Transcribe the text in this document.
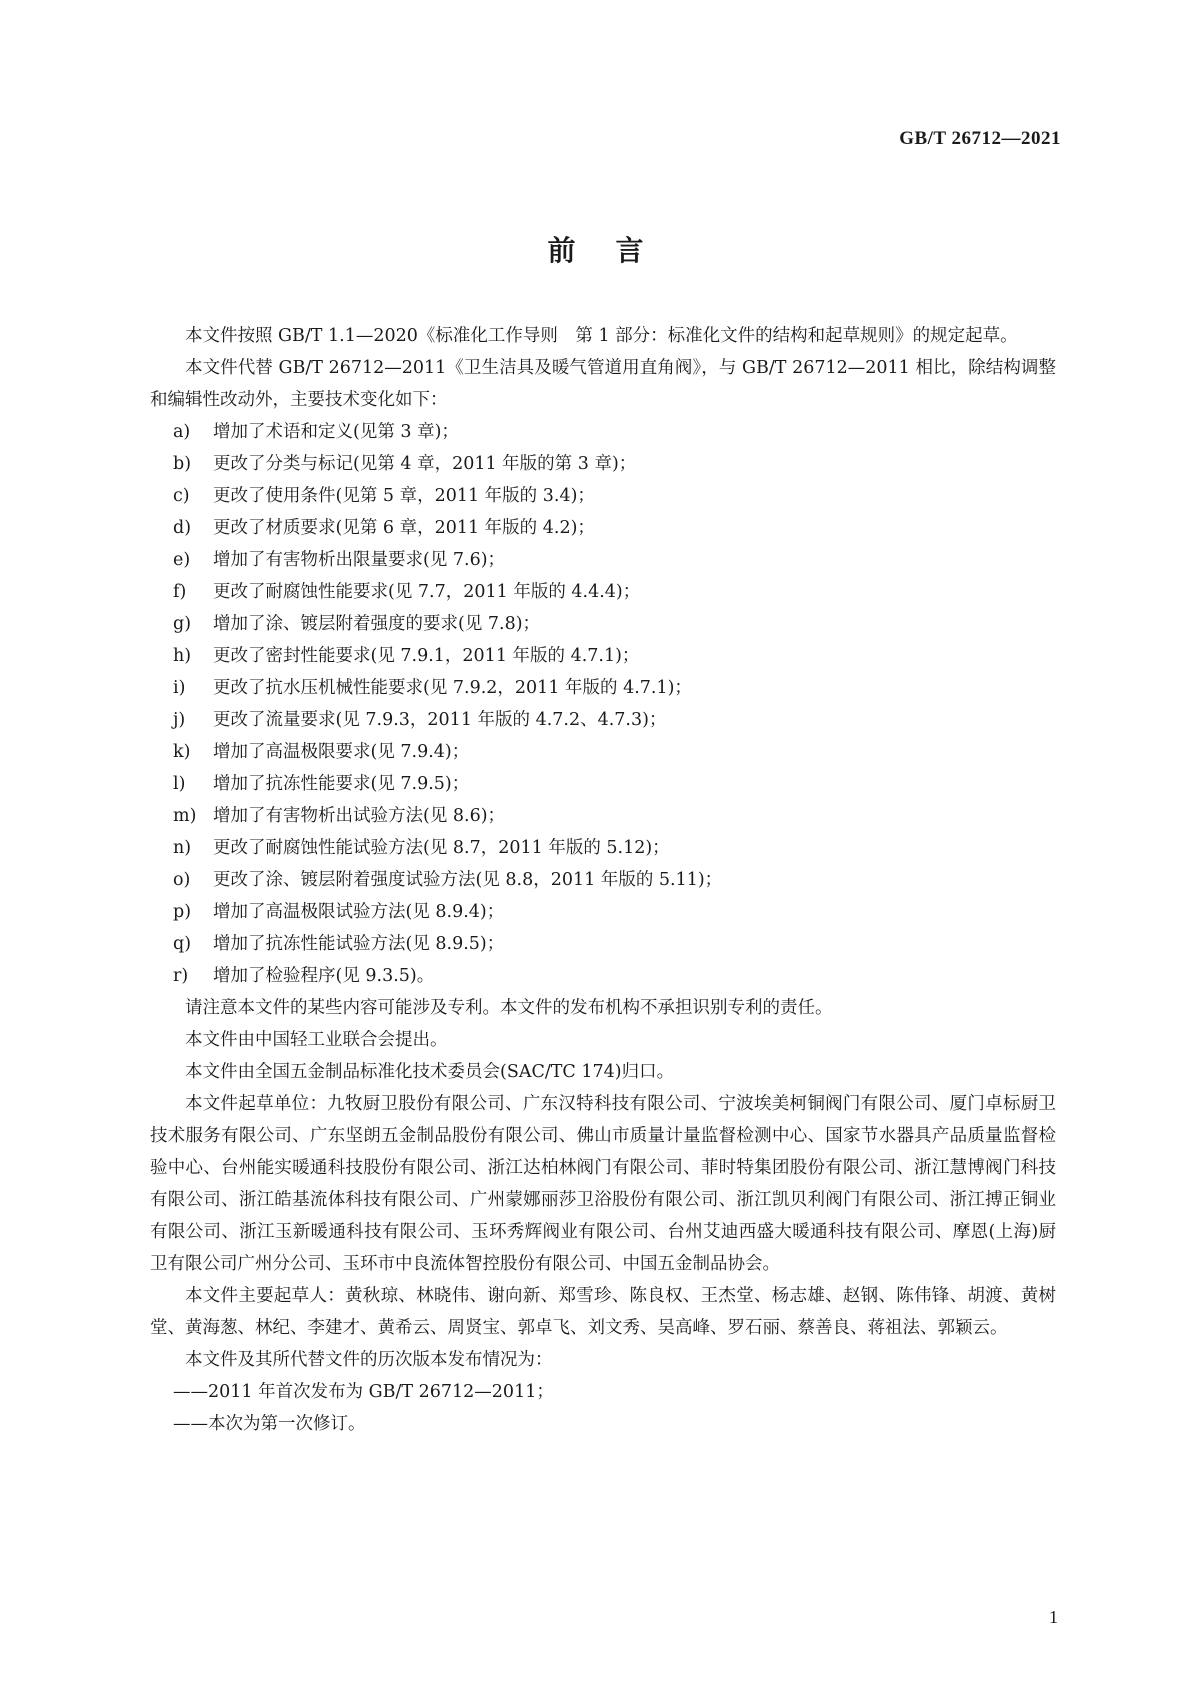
GB/T 26712—2021
前言

本文件按照 GB/T 1.1—2020《标准化工作导则　第 1 部分：标准化文件的结构和起草规则》的规定起草。

本文件代替 GB/T 26712—2011《卫生洁具及暖气管道用直角阀》，与 GB/T 26712—2011 相比，除结构调整和编辑性改动外，主要技术变化如下：

a) 增加了术语和定义(见第 3 章)；
b) 更改了分类与标记(见第 4 章，2011 年版的第 3 章)；
c) 更改了使用条件(见第 5 章，2011 年版的 3.4)；
d) 更改了材质要求(见第 6 章，2011 年版的 4.2)；
e) 增加了有害物析出限量要求(见 7.6)；
f) 更改了耐腐蚀性能要求(见 7.7，2011 年版的 4.4.4)；
g) 增加了涂、镀层附着强度的要求(见 7.8)；
h) 更改了密封性能要求(见 7.9.1，2011 年版的 4.7.1)；
i) 更改了抗水压机械性能要求(见 7.9.2，2011 年版的 4.7.1)；
j) 更改了流量要求(见 7.9.3，2011 年版的 4.7.2、4.7.3)；
k) 增加了高温极限要求(见 7.9.4)；
l) 增加了抗冻性能要求(见 7.9.5)；
m) 增加了有害物析出试验方法(见 8.6)；
n) 更改了耐腐蚀性能试验方法(见 8.7，2011 年版的 5.12)；
o) 更改了涂、镀层附着强度试验方法(见 8.8，2011 年版的 5.11)；
p) 增加了高温极限试验方法(见 8.9.4)；
q) 增加了抗冻性能试验方法(见 8.9.5)；
r) 增加了检验程序(见 9.3.5)。

请注意本文件的某些内容可能涉及专利。本文件的发布机构不承担识别专利的责任。

本文件由中国轻工业联合会提出。

本文件由全国五金制品标准化技术委员会(SAC/TC 174)归口。

本文件起草单位：九牧厨卫股份有限公司、广东汉特科技有限公司、宁波埃美柯铜阀门有限公司、厦门卓标厨卫技术服务有限公司、广东坚朗五金制品股份有限公司、佛山市质量计量监督检测中心、国家节水器具产品质量监督检验中心、台州能实暖通科技股份有限公司、浙江达柏林阀门有限公司、菲时特集团股份有限公司、浙江慧博阀门科技有限公司、浙江皓基流体科技有限公司、广州蒙娜丽莎卫浴股份有限公司、浙江凯贝利阀门有限公司、浙江搏正铜业有限公司、浙江玉新暖通科技有限公司、玉环秀辉阀业有限公司、台州艾迪西盛大暖通科技有限公司、摩恩(上海)厨卫有限公司广州分公司、玉环市中良流体智控股份有限公司、中国五金制品协会。

本文件主要起草人：黄秋琼、林晓伟、谢向新、郑雪珍、陈良权、王杰堂、杨志雄、赵钢、陈伟锋、胡渡、黄树堂、黄海葱、林纪、李建才、黄希云、周贤宝、郭卓飞、刘文秀、吴高峰、罗石丽、蔡善良、蒋祖法、郭颖云。

本文件及其所代替文件的历次版本发布情况为：

——2011 年首次发布为 GB/T 26712—2011；

——本次为第一次修订。

1
